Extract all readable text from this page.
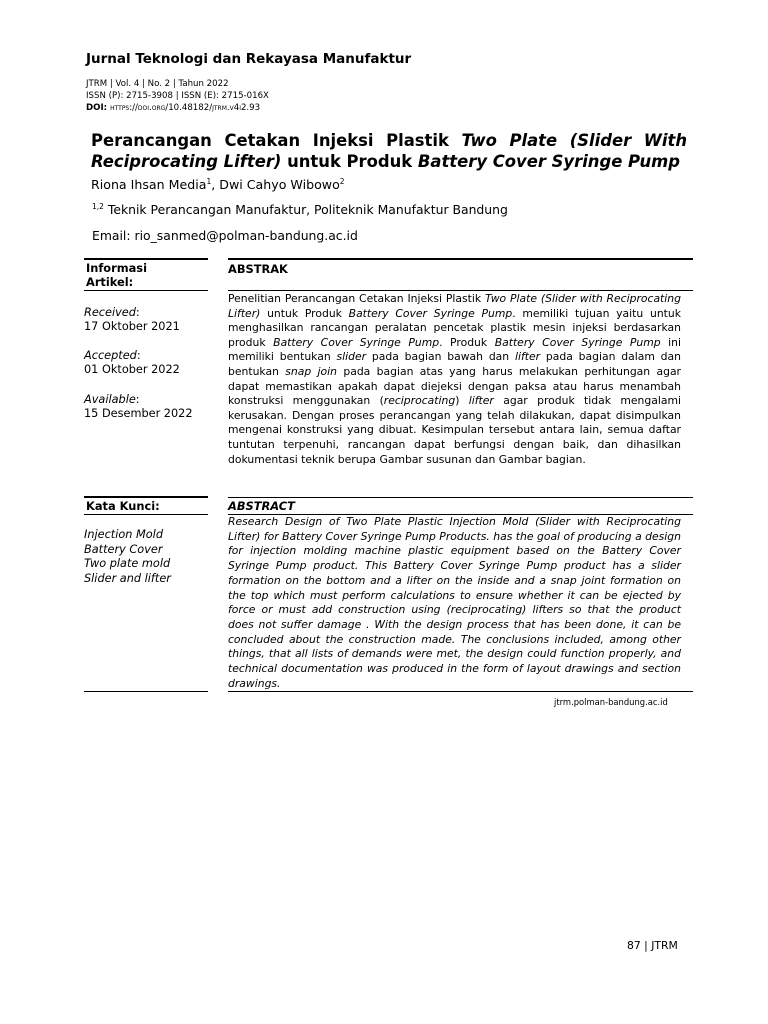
Jurnal Teknologi dan Rekayasa Manufaktur
JTRM | Vol. 4 | No. 2 | Tahun 2022
ISSN (P): 2715-3908 | ISSN (E): 2715-016X
DOI: https://doi.org/10.48182/jtrm.v4i2.93
Perancangan Cetakan Injeksi Plastik Two Plate (Slider With Reciprocating Lifter) untuk Produk Battery Cover Syringe Pump
Riona Ihsan Media$^1$, Dwi Cahyo Wibowo$^2$
$^{1,2}$ Teknik Perancangan Manufaktur, Politeknik Manufaktur Bandung
Email: rio_sanmed@polman-bandung.ac.id
Informasi Artikel:
Received:
17 Oktober 2021
Accepted:
01 Oktober 2022
Available:
15 Desember 2022
ABSTRAK
Penelitian Perancangan Cetakan Injeksi Plastik Two Plate (Slider with Reciprocating Lifter) untuk Produk Battery Cover Syringe Pump. memiliki tujuan yaitu untuk menghasilkan rancangan peralatan pencetak plastik mesin injeksi berdasarkan produk Battery Cover Syringe Pump. Produk Battery Cover Syringe Pump ini memiliki bentukan slider pada bagian bawah dan lifter pada bagian dalam dan bentukan snap join pada bagian atas yang harus melakukan perhitungan agar dapat memastikan apakah dapat diejeksi dengan paksa atau harus menambah konstruksi menggunakan (reciprocating) lifter agar produk tidak mengalami kerusakan. Dengan proses perancangan yang telah dilakukan, dapat disimpulkan mengenai konstruksi yang dibuat. Kesimpulan tersebut antara lain, semua daftar tuntutan terpenuhi, rancangan dapat berfungsi dengan baik, dan dihasilkan dokumentasi teknik berupa Gambar susunan dan Gambar bagian.
Kata Kunci:
Injection Mold
Battery Cover
Two plate mold
Slider and lifter
ABSTRACT
Research Design of Two Plate Plastic Injection Mold (Slider with Reciprocating Lifter) for Battery Cover Syringe Pump Products. has the goal of producing a design for injection molding machine plastic equipment based on the Battery Cover Syringe Pump product. This Battery Cover Syringe Pump product has a slider formation on the bottom and a lifter on the inside and a snap joint formation on the top which must perform calculations to ensure whether it can be ejected by force or must add construction using (reciprocating) lifters so that the product does not suffer damage . With the design process that has been done, it can be concluded about the construction made. The conclusions included, among other things, that all lists of demands were met, the design could function properly, and technical documentation was produced in the form of layout drawings and section drawings.
jtrm.polman-bandung.ac.id
87 | JTRM
